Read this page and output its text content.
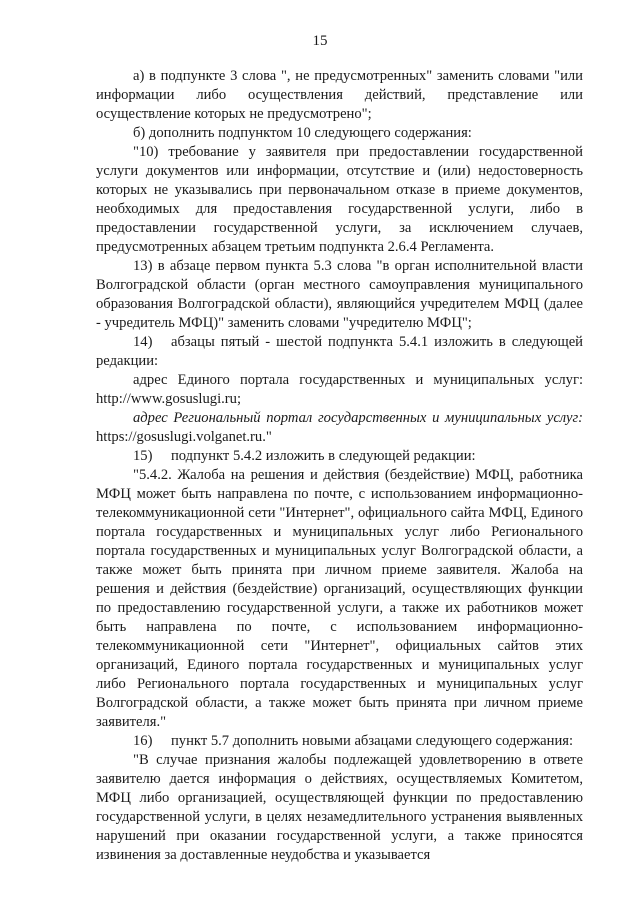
15

а) в подпункте 3 слова ", не предусмотренных" заменить словами "или информации либо осуществления действий, представление или осуществление которых не предусмотрено";

б) дополнить подпунктом 10 следующего содержания:

"10) требование у заявителя при предоставлении государственной услуги документов или информации, отсутствие и (или) недостоверность которых не указывались при первоначальном отказе в приеме документов, необходимых для предоставления государственной услуги, либо в предоставлении государственной услуги, за исключением случаев, предусмотренных абзацем третьим подпункта 2.6.4 Регламента.

13) в абзаце первом пункта 5.3 слова "в орган исполнительной власти Волгоградской области (орган местного самоуправления муниципального образования Волгоградской области), являющийся учредителем МФЦ (далее - учредитель МФЦ)" заменить словами "учредителю МФЦ";

14) абзацы пятый - шестой подпункта 5.4.1 изложить в следующей редакции:

адрес Единого портала государственных и муниципальных услуг: http://www.gosuslugi.ru;

адрес Региональный портал государственных и муниципальных услуг: https://gosuslugi.volganet.ru."

15) подпункт 5.4.2 изложить в следующей редакции:

"5.4.2. Жалоба на решения и действия (бездействие) МФЦ, работника МФЦ может быть направлена по почте, с использованием информационно-телекоммуникационной сети "Интернет", официального сайта МФЦ, Единого портала государственных и муниципальных услуг либо Регионального портала государственных и муниципальных услуг Волгоградской области, а также может быть принята при личном приеме заявителя. Жалоба на решения и действия (бездействие) организаций, осуществляющих функции по предоставлению государственной услуги, а также их работников может быть направлена по почте, с использованием информационно-телекоммуникационной сети "Интернет", официальных сайтов этих организаций, Единого портала государственных и муниципальных услуг либо Регионального портала государственных и муниципальных услуг Волгоградской области, а также может быть принята при личном приеме заявителя."

16) пункт 5.7 дополнить новыми абзацами следующего содержания:

"В случае признания жалобы подлежащей удовлетворению в ответе заявителю дается информация о действиях, осуществляемых Комитетом, МФЦ либо организацией, осуществляющей функции по предоставлению государственной услуги, в целях незамедлительного устранения выявленных нарушений при оказании государственной услуги, а также приносятся извинения за доставленные неудобства и указывается
